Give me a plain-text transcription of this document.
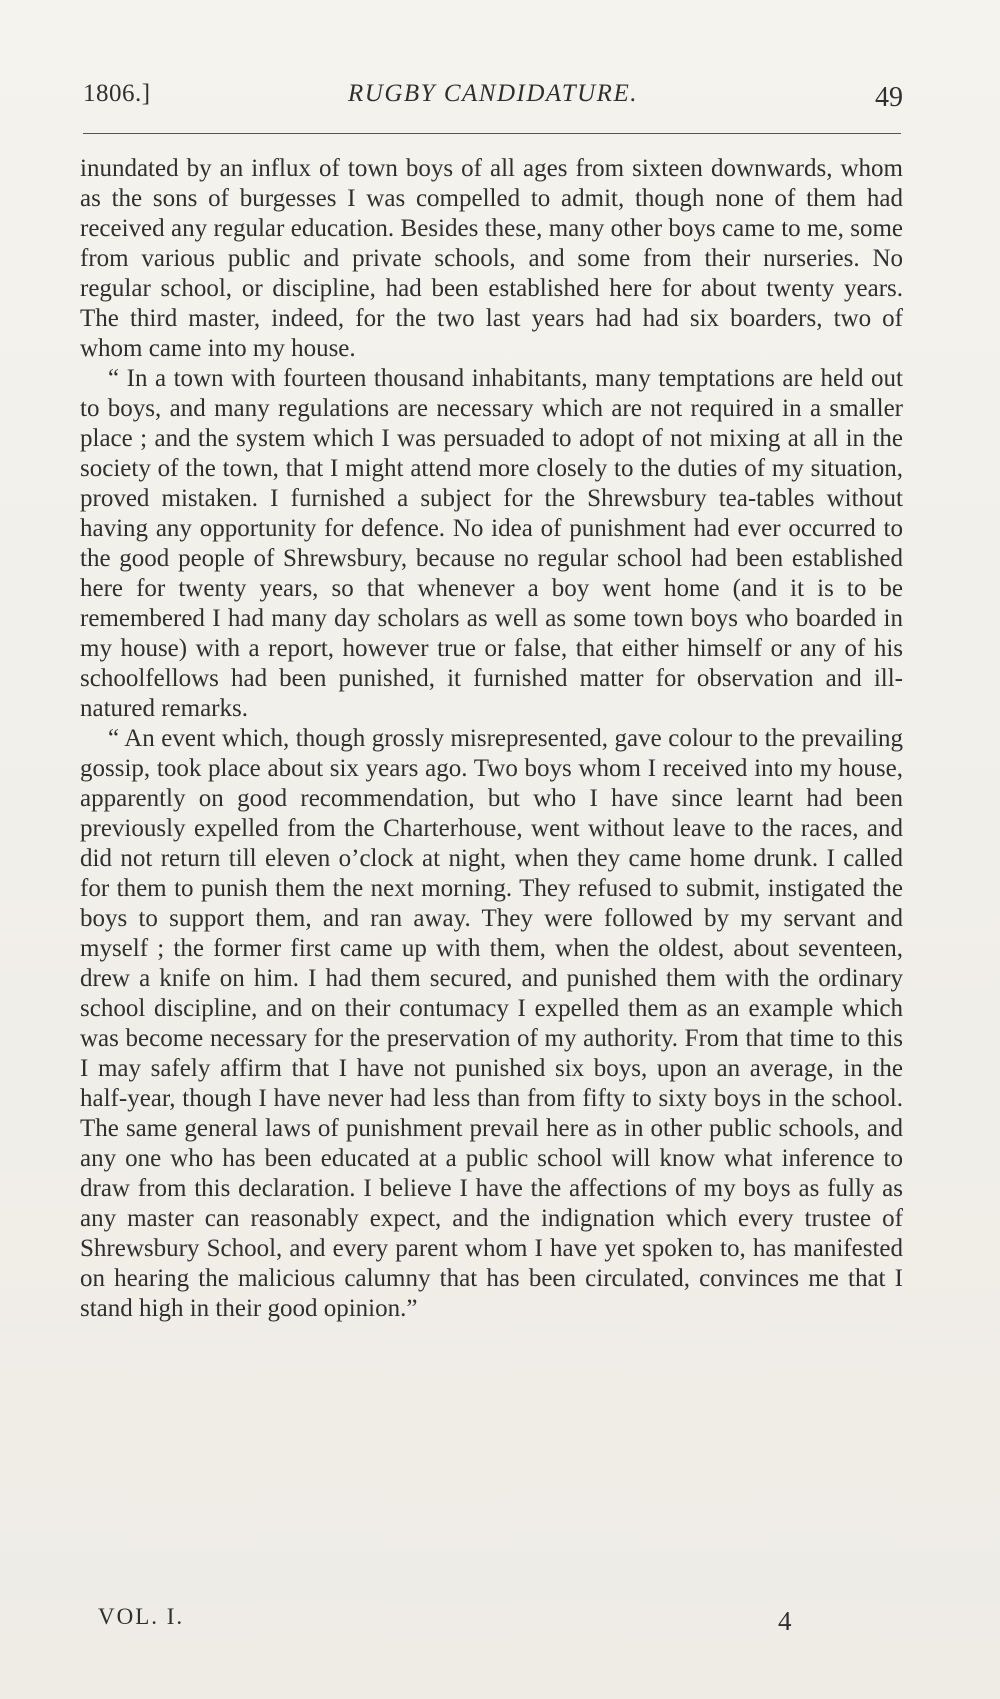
1806.]	RUGBY CANDIDATURE.	49

inundated by an influx of town boys of all ages from sixteen downwards, whom as the sons of burgesses I was compelled to admit, though none of them had received any regular education. Besides these, many other boys came to me, some from various public and private schools, and some from their nurseries. No regular school, or discipline, had been established here for about twenty years. The third master, indeed, for the two last years had had six boarders, two of whom came into my house.

“ In a town with fourteen thousand inhabitants, many temptations are held out to boys, and many regulations are necessary which are not required in a smaller place ; and the system which I was persuaded to adopt of not mixing at all in the society of the town, that I might attend more closely to the duties of my situation, proved mistaken. I furnished a subject for the Shrewsbury tea-tables without having any opportunity for defence. No idea of punishment had ever occurred to the good people of Shrewsbury, because no regular school had been established here for twenty years, so that whenever a boy went home (and it is to be remembered I had many day scholars as well as some town boys who boarded in my house) with a report, however true or false, that either himself or any of his schoolfellows had been punished, it furnished matter for observation and ill-natured remarks.

“ An event which, though grossly misrepresented, gave colour to the prevailing gossip, took place about six years ago. Two boys whom I received into my house, apparently on good recommendation, but who I have since learnt had been previously expelled from the Charterhouse, went without leave to the races, and did not return till eleven o’clock at night, when they came home drunk. I called for them to punish them the next morning. They refused to submit, instigated the boys to support them, and ran away. They were followed by my servant and myself ; the former first came up with them, when the oldest, about seventeen, drew a knife on him. I had them secured, and punished them with the ordinary school discipline, and on their contumacy I expelled them as an example which was become necessary for the preservation of my authority. From that time to this I may safely affirm that I have not punished six boys, upon an average, in the half-year, though I have never had less than from fifty to sixty boys in the school. The same general laws of punishment prevail here as in other public schools, and any one who has been educated at a public school will know what inference to draw from this declaration. I believe I have the affections of my boys as fully as any master can reasonably expect, and the indignation which every trustee of Shrewsbury School, and every parent whom I have yet spoken to, has manifested on hearing the malicious calumny that has been circulated, convinces me that I stand high in their good opinion.”

VOL. I.	4
